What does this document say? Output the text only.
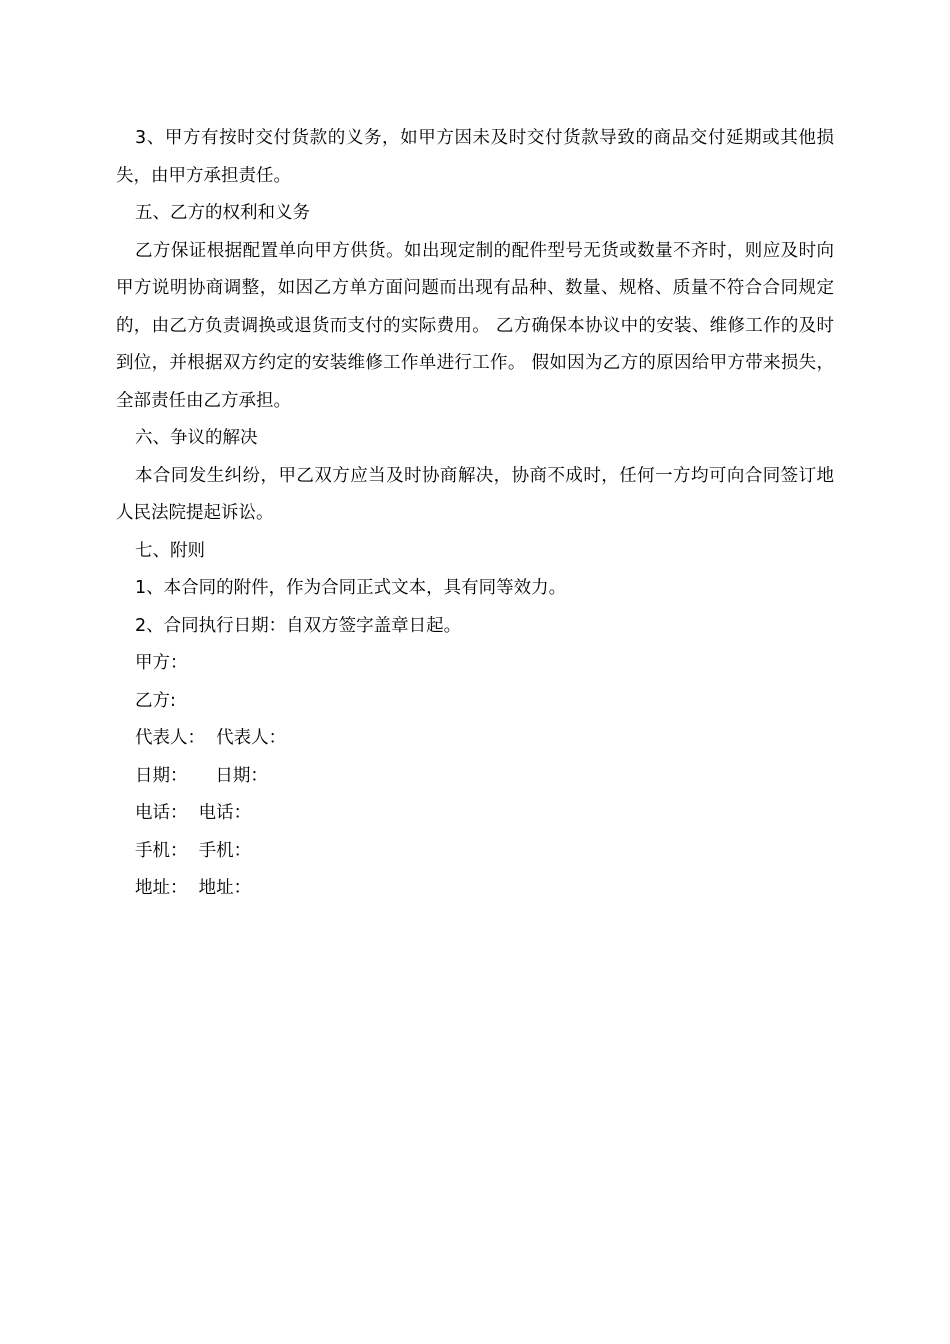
3、甲方有按时交付货款的义务，如甲方因未及时交付货款导致的商品交付延期或其他损失，由甲方承担责任。

五、乙方的权利和义务

乙方保证根据配置单向甲方供货。如出现定制的配件型号无货或数量不齐时，则应及时向甲方说明协商调整，如因乙方单方面问题而出现有品种、数量、规格、质量不符合合同规定的，由乙方负责调换或退货而支付的实际费用。 乙方确保本协议中的安装、维修工作的及时到位，并根据双方约定的安装维修工作单进行工作。 假如因为乙方的原因给甲方带来损失，全部责任由乙方承担。

六、争议的解决

本合同发生纠纷，甲乙双方应当及时协商解决，协商不成时，任何一方均可向合同签订地人民法院提起诉讼。

七、附则

1、本合同的附件，作为合同正式文本，具有同等效力。

2、合同执行日期：自双方签字盖章日起。

甲方：
乙方:
代表人：  代表人：
日期：     日期：
电话：  电话：
手机：  手机：
地址：  地址：
